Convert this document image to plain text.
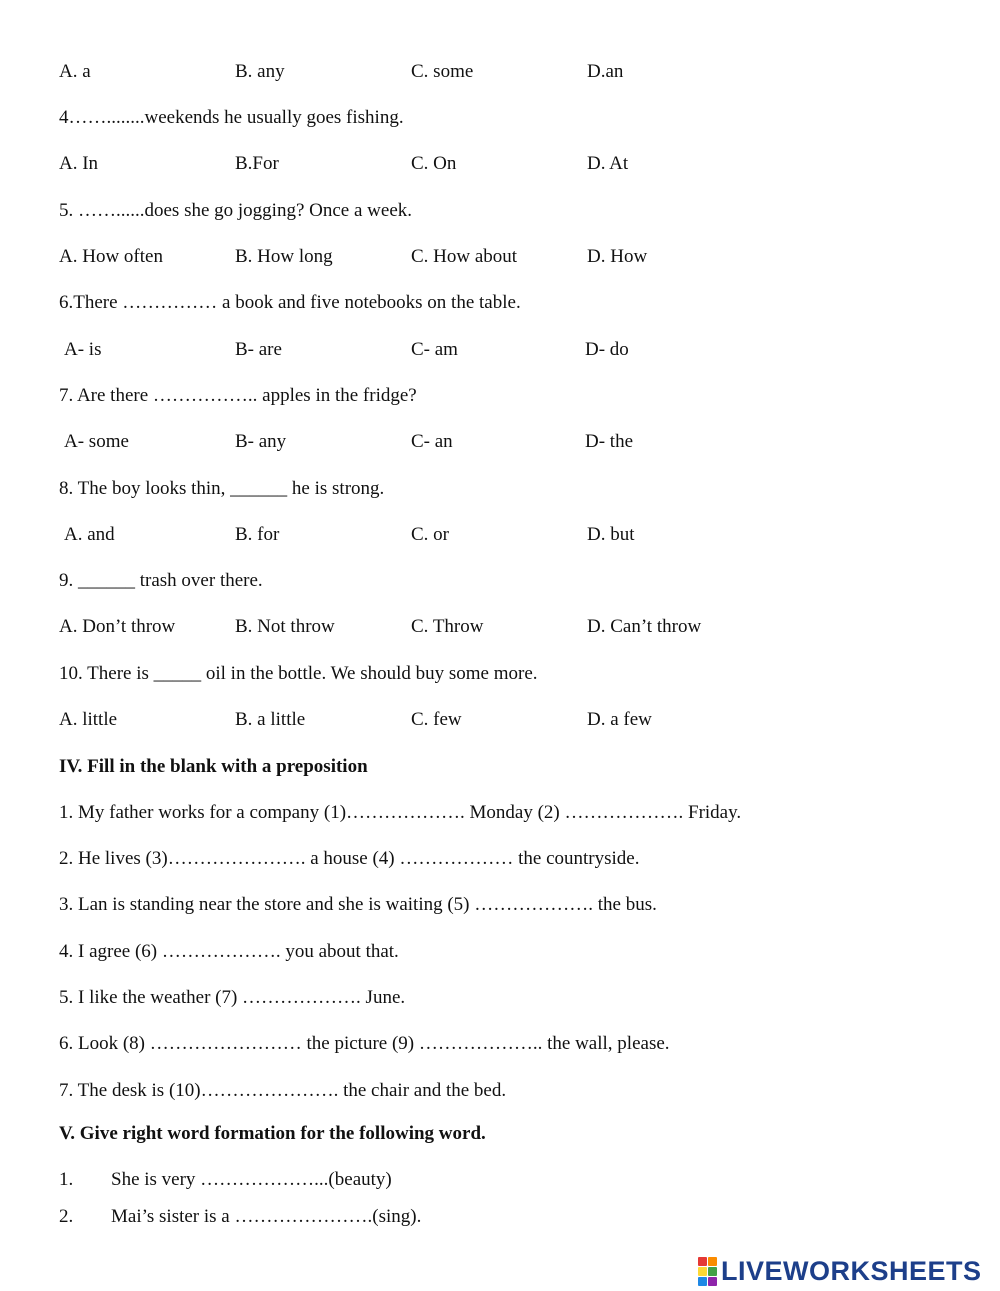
A. a	B. any	C. some	D.an
4……........weekends he usually goes fishing.
A. In	B.For	C. On	D. At
5. ……......does she go jogging? Once a week.
A. How often	B. How long	C. How about	D. How
6.There …………… a book and five notebooks on the table.
A- is	B- are	C- am	D- do
7. Are there …………….. apples in the fridge?
A- some	B- any	C- an	D- the
8. The boy looks thin, ______ he is strong.
A. and	B. for	C. or	D. but
9. ______ trash over there.
A. Don’t throw	B. Not throw	C. Throw	D. Can’t throw
10. There is _____ oil in the bottle. We should buy some more.
A. little	B. a little	C. few	D. a few
IV. Fill in the blank with a preposition
1. My father works for a company (1)………………. Monday (2) ………………. Friday.
2. He lives (3)…………………. a house (4) ……………… the countryside.
3. Lan is standing near the store and she is waiting (5) ………………. the bus.
4. I agree (6) ………………. you about that.
5. I like the weather (7) ………………. June.
6. Look (8) …………………… the picture (9) ……………….. the wall, please.
7. The desk is (10)…………………. the chair and the bed.
V. Give right word formation for the following word.
1. She is very ………………...(beauty)
2. Mai’s sister is a ………………….(sing).
LIVEWORKSHEETS
